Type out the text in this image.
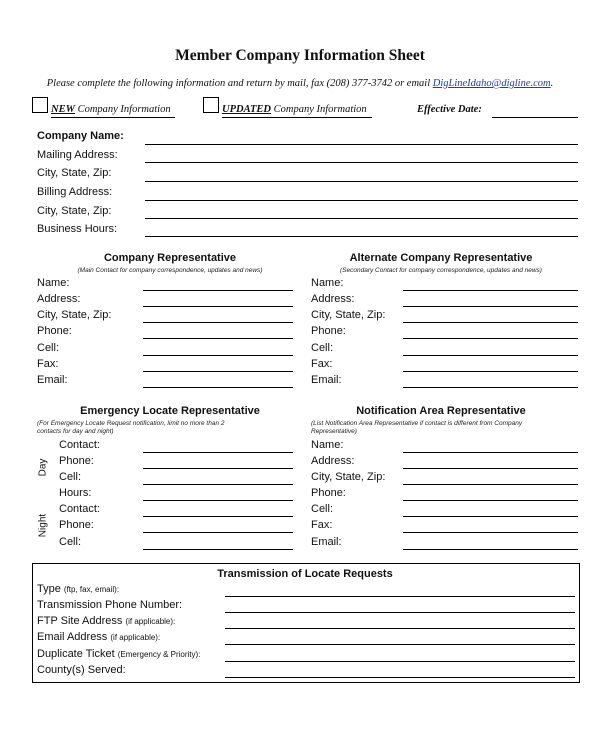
Member Company Information Sheet
Please complete the following information and return by mail, fax (208) 377-3742 or email DigLineIdaho@digline.com.
NEW Company Information	UPDATED Company Information	Effective Date:
Company Name:
Mailing Address:
City, State, Zip:
Billing Address:
City, State, Zip:
Business Hours:
Company Representative
(Main Contact for company correspondence, updates and news)
Name:
Address:
City, State, Zip:
Phone:
Cell:
Fax:
Email:
Alternate Company Representative
(Secondary Contact for company correspondence, updates and news)
Name:
Address:
City, State, Zip:
Phone:
Cell:
Fax:
Email:
Emergency Locate Representative
(For Emergency Locate Request notification, limit no more than 2
contacts for day and night)
Day
Night
Contact:
Phone:
Cell:
Hours:
Contact:
Phone:
Cell:
Notification Area Representative
(List Notification Area Representative if contact is different from Company
Representative)
Name:
Address:
City, State, Zip:
Phone:
Cell:
Fax:
Email:
Transmission of Locate Requests
Type (ftp, fax, email):
Transmission Phone Number:
FTP Site Address (if applicable):
Email Address (if applicable):
Duplicate Ticket (Emergency & Priority):
County(s) Served:
